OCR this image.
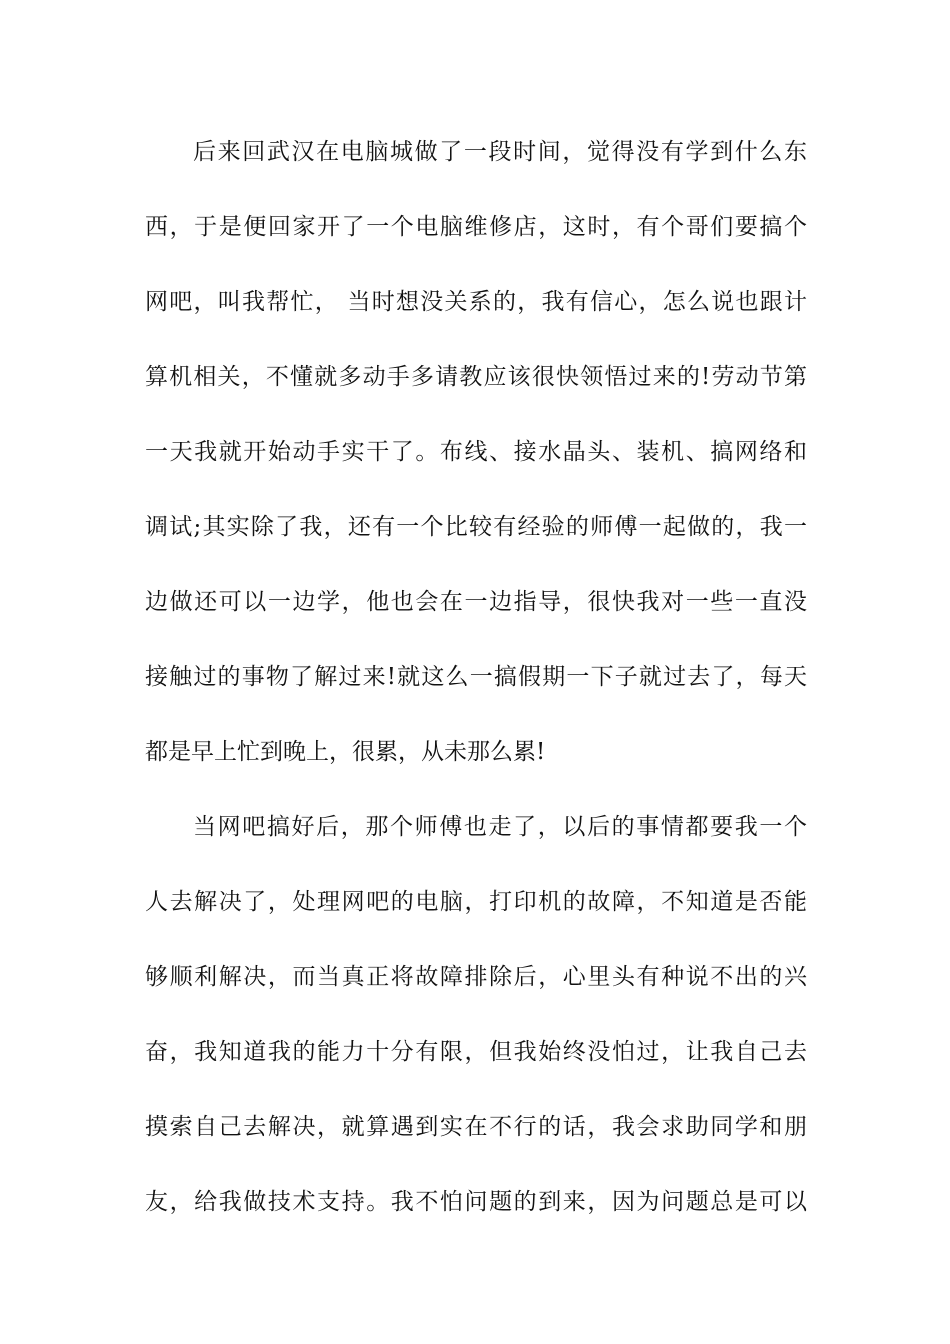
后来回武汉在电脑城做了一段时间，觉得没有学到什么东
西，于是便回家开了一个电脑维修店，这时，有个哥们要搞个
网吧，叫我帮忙， 当时想没关系的，我有信心，怎么说也跟计
算机相关，不懂就多动手多请教应该很快领悟过来的!劳动节第
一天我就开始动手实干了。布线、接水晶头、装机、搞网络和
调试;其实除了我，还有一个比较有经验的师傅一起做的，我一
边做还可以一边学，他也会在一边指导，很快我对一些一直没
接触过的事物了解过来!就这么一搞假期一下子就过去了，每天
都是早上忙到晚上，很累，从未那么累!
当网吧搞好后，那个师傅也走了，以后的事情都要我一个
人去解决了，处理网吧的电脑，打印机的故障，不知道是否能
够顺利解决，而当真正将故障排除后，心里头有种说不出的兴
奋，我知道我的能力十分有限，但我始终没怕过，让我自己去
摸索自己去解决，就算遇到实在不行的话，我会求助同学和朋
友，给我做技术支持。我不怕问题的到来，因为问题总是可以
